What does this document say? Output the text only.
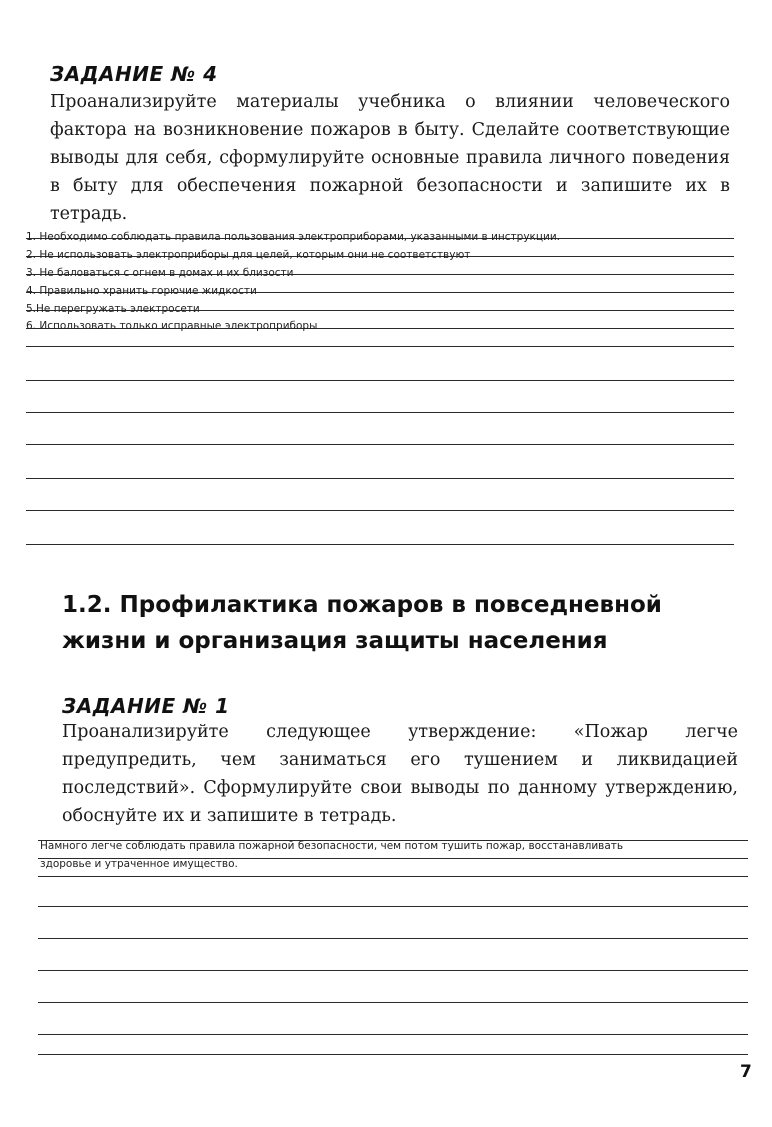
ЗАДАНИЕ № 4
Проанализируйте материалы учебника о влиянии человеческого фактора на возникновение пожаров в быту. Сделайте соответствующие выводы для себя, сформулируйте основные правила личного поведения в быту для обеспечения пожарной безопасности и запишите их в тетрадь.
1. Необходимо соблюдать правила пользования электроприборами, указанными в инструкции.
2. Не использовать электроприборы для целей, которым они не соответствуют
3. Не баловаться с огнем в домах и их близости
4. Правильно хранить горючие жидкости
5.Не перегружать электросети
6. Использовать только исправные электроприборы
1.2. Профилактика пожаров в повседневной
жизни и организация защиты населения
ЗАДАНИЕ № 1
Проанализируйте следующее утверждение: «Пожар легче предупредить, чем заниматься его тушением и ликвидацией последствий». Сформулируйте свои выводы по данному утверждению, обоснуйте их и запишите в тетрадь.
Намного легче соблюдать правила пожарной безопасности, чем потом тушить пожар, восстанавливать
здоровье и утраченное имущество.
7
